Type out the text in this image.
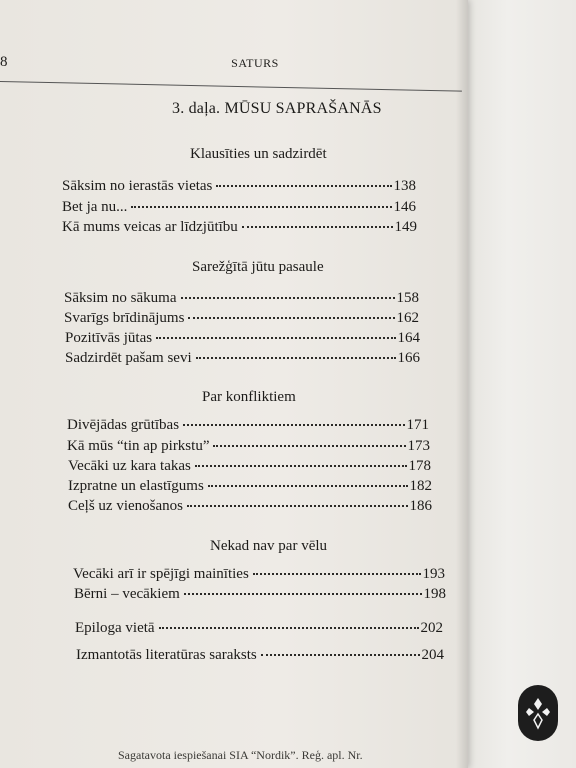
8	SATURS
3. daļa. MŪSU SAPRAŠANĀS
Klausīties un sadzirdēt
Sāksim no ierastās vietas	138
Bet ja nu...	146
Kā mums veicas ar līdzjūtību	149
Sarežģītā jūtu pasaule
Sāksim no sākuma	158
Svarīgs brīdinājums	162
Pozitīvās jūtas	164
Sadzirdēt pašam sevi	166
Par konfliktiem
Divējādas grūtības	171
Kā mūs “tin ap pirkstu”	173
Vecāki uz kara takas	178
Izpratne un elastīgums	182
Ceļš uz vienošanos	186
Nekad nav par vēlu
Vecāki arī ir spējīgi mainīties	193
Bērni – vecākiem	198
Epiloga vietā	202
Izmantotās literatūras saraksts	204
Sagatavota iespiešanai SIA “Nordik”. Reģ. apl. Nr.
